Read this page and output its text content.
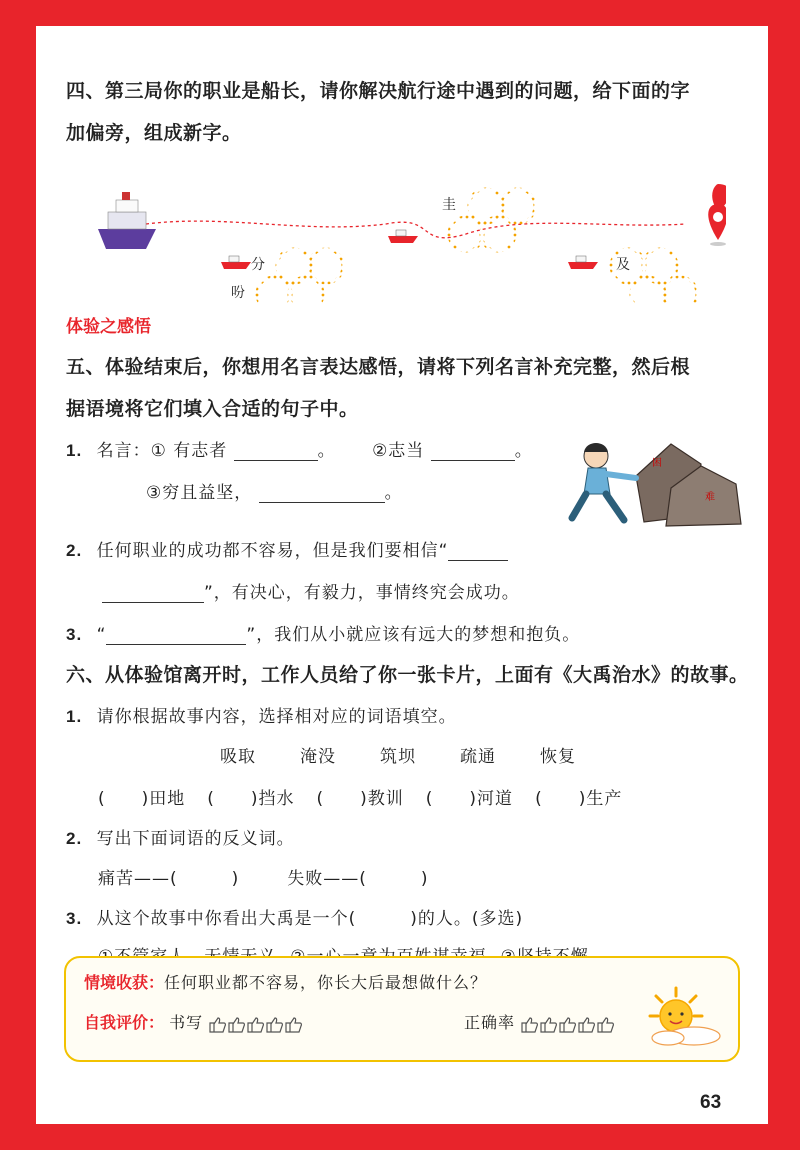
四、第三局你的职业是船长，请你解决航行途中遇到的问题，给下面的字
加偏旁，组成新字。
分
吩
圭
及
体验之感悟
五、体验结束后，你想用名言表达感悟，请将下列名言补充完整，然后根
据语境将它们填入合适的句子中。
1. 名言：① 有志者	。 ②志当	。
③穷且益坚，	。
困
难
2. 任何职业的成功都不容易，但是我们要相信“
”，有决心，有毅力，事情终究会成功。
3. “	”，我们从小就应该有远大的梦想和抱负。
六、从体验馆离开时，工作人员给了你一张卡片，上面有《大禹治水》的故事。
1. 请你根据故事内容，选择相对应的词语填空。
吸取	淹没	筑坝	疏通	恢复
(　　)田地 (　　)挡水 (　　)教训 (　　)河道 (　　)生产
2. 写出下面词语的反义词。
痛苦——(　　　)	失败——(　　　)
3. 从这个故事中你看出大禹是一个(　　　)的人。(多选)
情境收获：任何职业都不容易，你长大后最想做什么？
自我评价： 书写	正确率
63
